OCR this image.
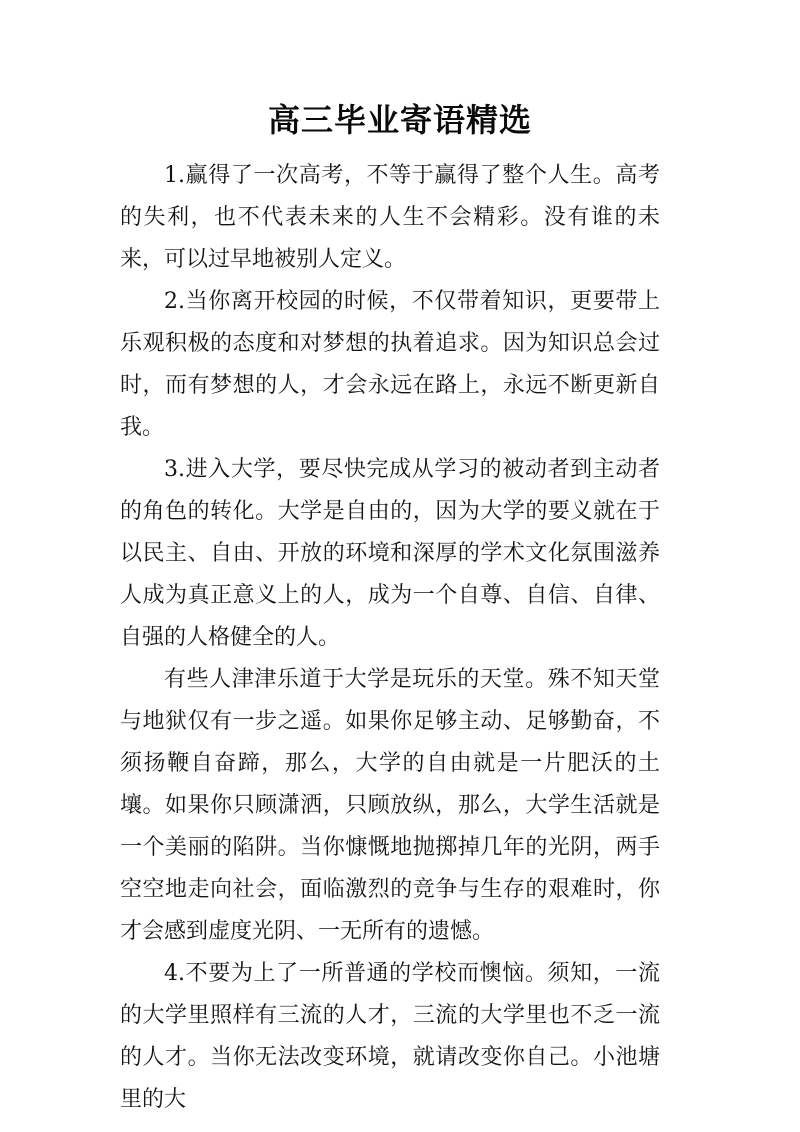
高三毕业寄语精选

1.赢得了一次高考，不等于赢得了整个人生。高考的失利，也不代表未来的人生不会精彩。没有谁的未来，可以过早地被别人定义。

2.当你离开校园的时候，不仅带着知识，更要带上乐观积极的态度和对梦想的执着追求。因为知识总会过时，而有梦想的人，才会永远在路上，永远不断更新自我。

3.进入大学，要尽快完成从学习的被动者到主动者的角色的转化。大学是自由的，因为大学的要义就在于以民主、自由、开放的环境和深厚的学术文化氛围滋养人成为真正意义上的人，成为一个自尊、自信、自律、自强的人格健全的人。

有些人津津乐道于大学是玩乐的天堂。殊不知天堂与地狱仅有一步之遥。如果你足够主动、足够勤奋，不须扬鞭自奋蹄，那么，大学的自由就是一片肥沃的土壤。如果你只顾潇洒，只顾放纵，那么，大学生活就是一个美丽的陷阱。当你慷慨地抛掷掉几年的光阴，两手空空地走向社会，面临激烈的竞争与生存的艰难时，你才会感到虚度光阴、一无所有的遗憾。

4.不要为上了一所普通的学校而懊恼。须知，一流的大学里照样有三流的人才，三流的大学里也不乏一流的人才。当你无法改变环境，就请改变你自己。小池塘里的大
